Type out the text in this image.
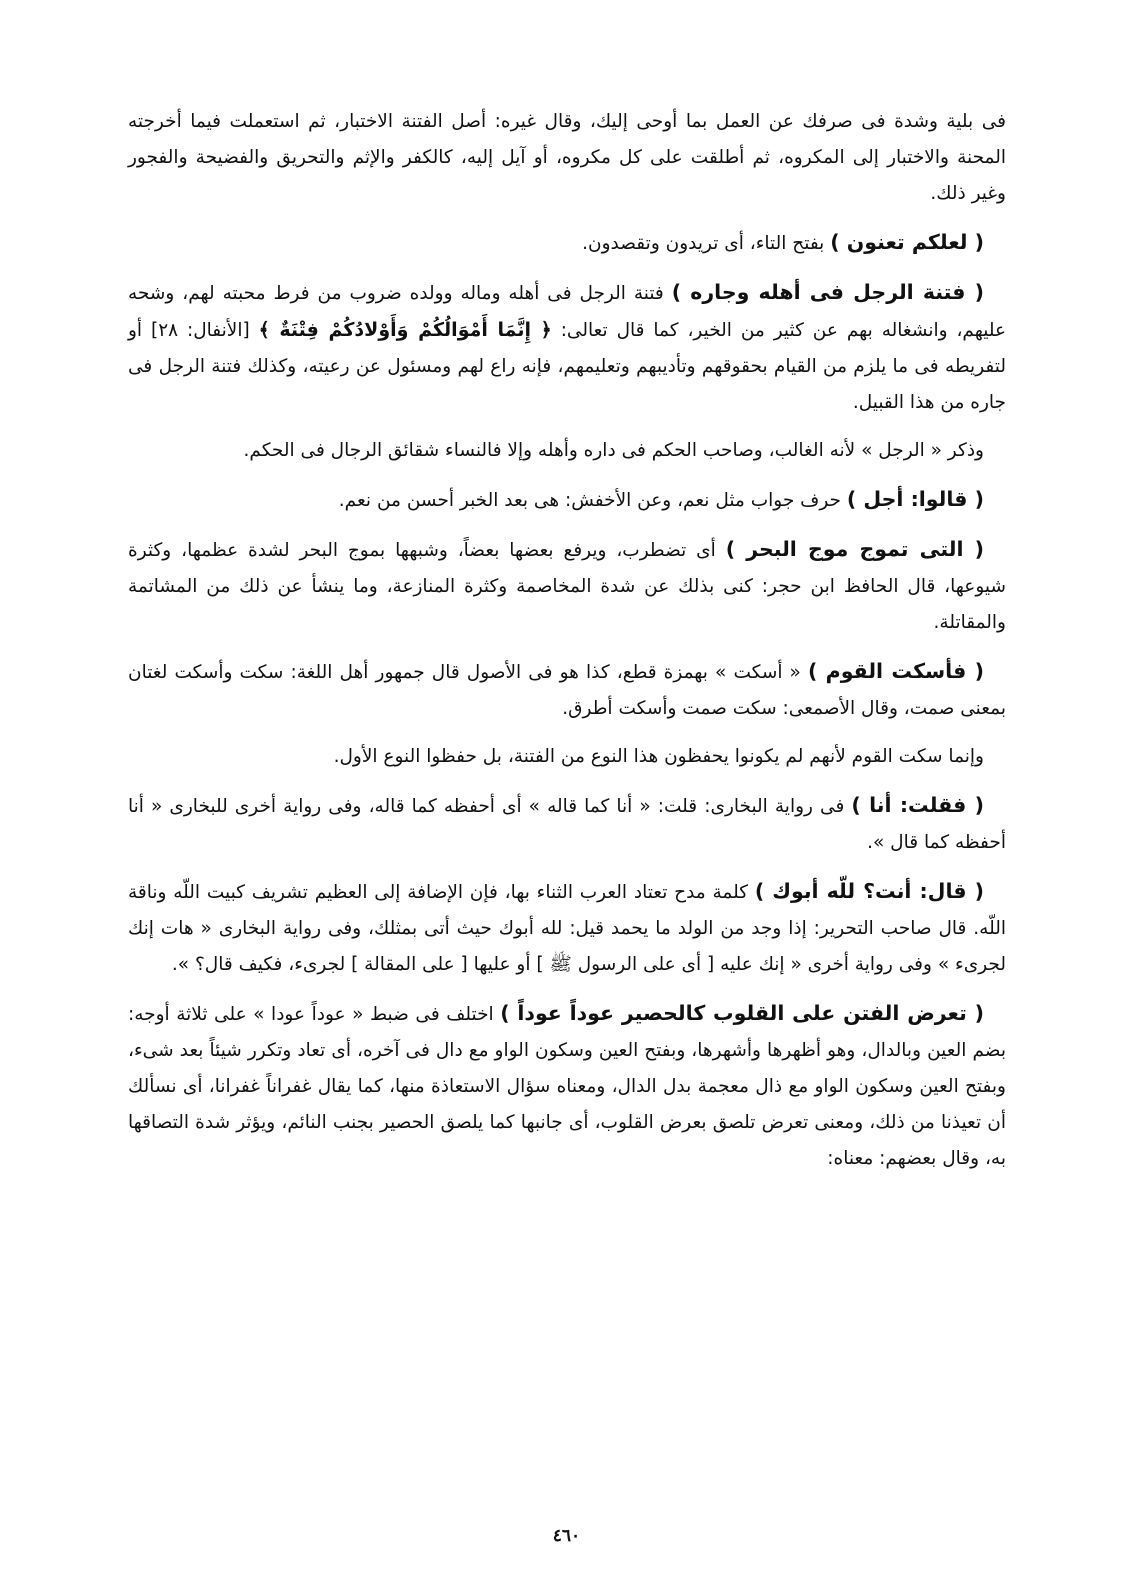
فى بلية وشدة فى صرفك عن العمل بما أوحى إليك، وقال غيره: أصل الفتنة الاختبار، ثم استعملت فيما أخرجته المحنة والاختبار إلى المكروه، ثم أطلقت على كل مكروه، أو آيل إليه، كالكفر والإثم والتحريق والفضيحة والفجور وغير ذلك.

( لعلكم تعنون ) بفتح التاء، أى تريدون وتقصدون.

( فتنة الرجل فى أهله وجاره ) فتنة الرجل فى أهله وماله وولده ضروب من فرط محبته لهم، وشحه عليهم، وانشغاله بهم عن كثير من الخير، كما قال تعالى: ﴿ إِنَّمَا أَمْوَالُكُمْ وَأَوْلادُكُمْ فِتْنَةٌ ﴾ [الأنفال: ٢٨] أو لتفريطه فى ما يلزم من القيام بحقوقهم وتأديبهم وتعليمهم، فإنه راع لهم ومسئول عن رعيته، وكذلك فتنة الرجل فى جاره من هذا القبيل.

وذكر « الرجل » لأنه الغالب، وصاحب الحكم فى داره وأهله وإلا فالنساء شقائق الرجال فى الحكم.

( قالوا: أجل ) حرف جواب مثل نعم، وعن الأخفش: هى بعد الخبر أحسن من نعم.

( التى تموج موج البحر ) أى تضطرب، ويرفع بعضها بعضاً، وشبهها بموج البحر لشدة عظمها، وكثرة شيوعها، قال الحافظ ابن حجر: كنى بذلك عن شدة المخاصمة وكثرة المنازعة، وما ينشأ عن ذلك من المشاتمة والمقاتلة.

( فأسكت القوم ) « أسكت » بهمزة قطع، كذا هو فى الأصول قال جمهور أهل اللغة: سكت وأسكت لغتان بمعنى صمت، وقال الأصمعى: سكت صمت وأسكت أطرق.

وإنما سكت القوم لأنهم لم يكونوا يحفظون هذا النوع من الفتنة، بل حفظوا النوع الأول.

( فقلت: أنا ) فى رواية البخارى: قلت: « أنا كما قاله » أى أحفظه كما قاله، وفى رواية أخرى للبخارى « أنا أحفظه كما قال ».

( قال: أنت؟ للّه أبوك ) كلمة مدح تعتاد العرب الثناء بها، فإن الإضافة إلى العظيم تشريف كبيت اللّه وناقة اللّه. قال صاحب التحرير: إذا وجد من الولد ما يحمد قيل: لله أبوك حيث أتى بمثلك، وفى رواية البخارى « هات إنك لجرىء » وفى رواية أخرى « إنك عليه [ أى على الرسول ﷺ ] أو عليها [ على المقالة ] لجرىء، فكيف قال؟ ».

( تعرض الفتن على القلوب كالحصير عوداً عوداً ) اختلف فى ضبط « عوداً عودا » على ثلاثة أوجه: بضم العين وبالدال، وهو أظهرها وأشهرها، وبفتح العين وسكون الواو مع دال فى آخره، أى تعاد وتكرر شيئاً بعد شىء، وبفتح العين وسكون الواو مع ذال معجمة بدل الدال، ومعناه سؤال الاستعاذة منها، كما يقال غفراناً غفرانا، أى نسألك أن تعيذنا من ذلك، ومعنى تعرض تلصق بعرض القلوب، أى جانبها كما يلصق الحصير بجنب النائم، ويؤثر شدة التصاقها به، وقال بعضهم: معناه:

٤٦٠
